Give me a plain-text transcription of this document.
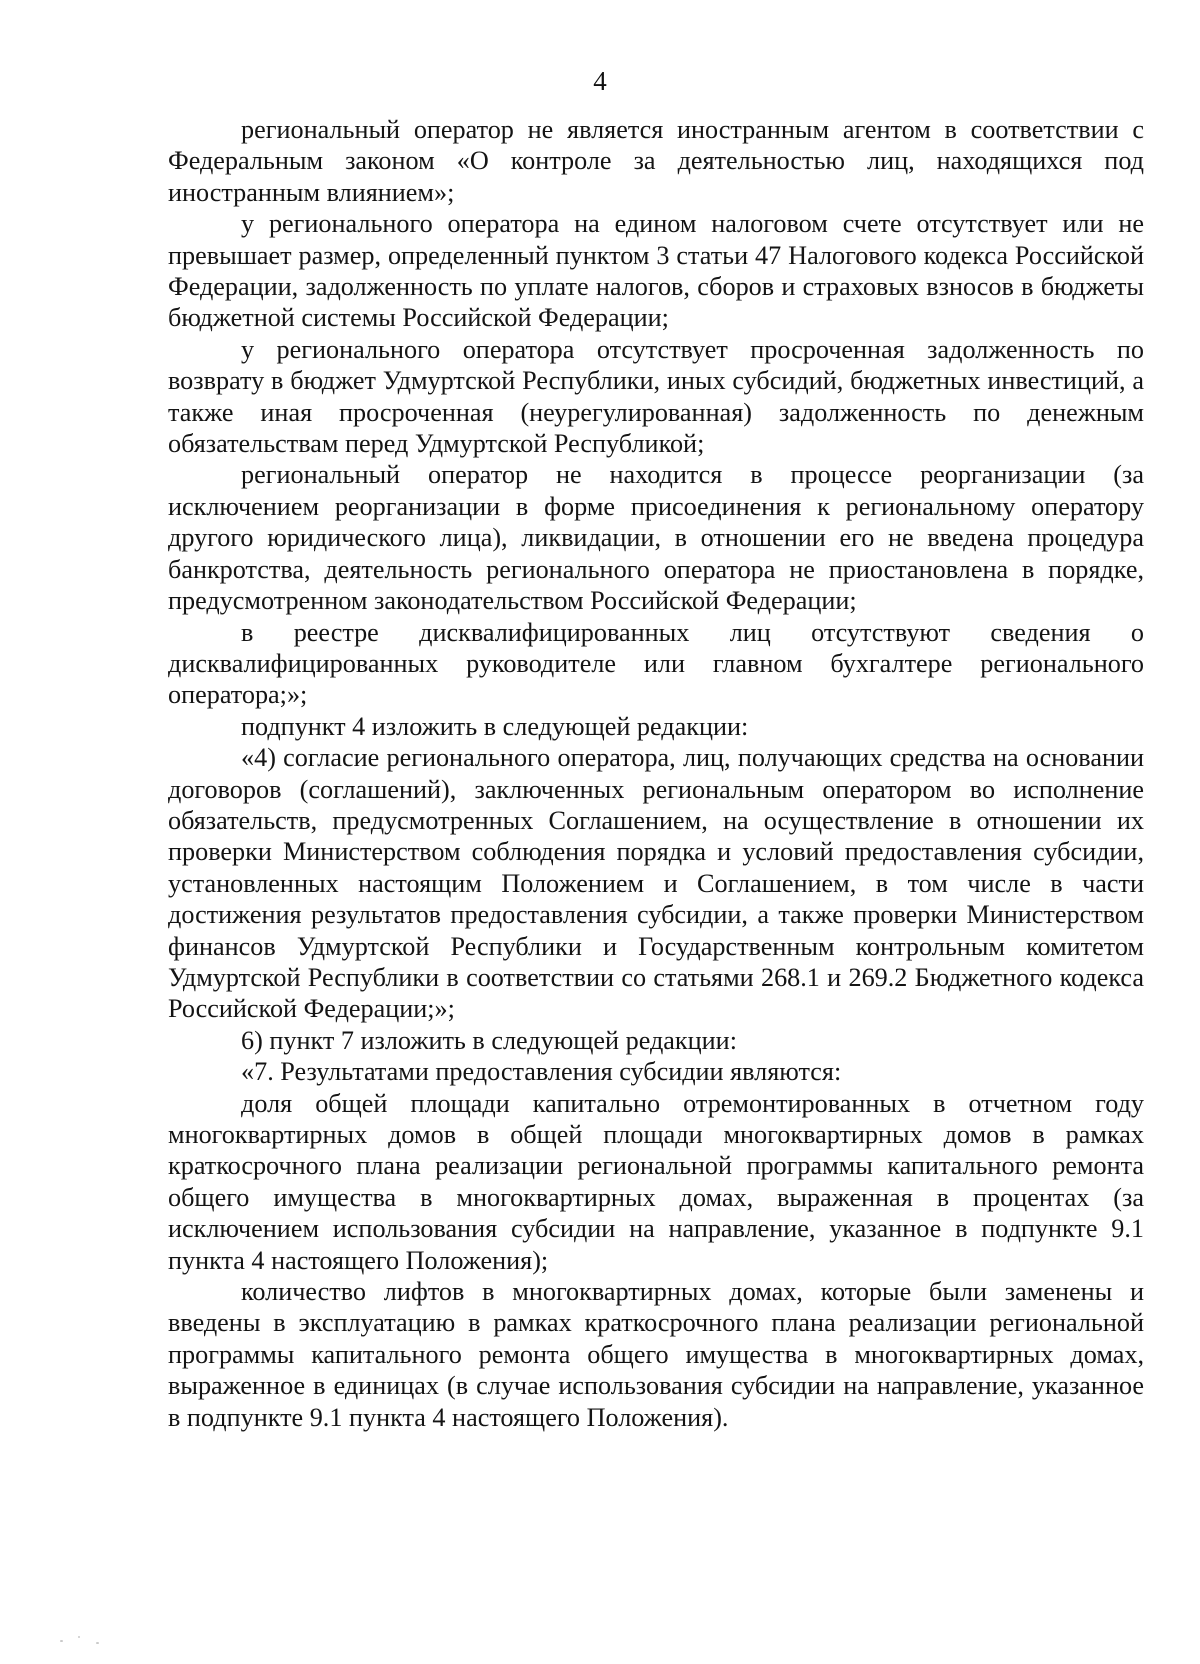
4

региональный оператор не является иностранным агентом в соответствии с Федеральным законом «О контроле за деятельностью лиц, находящихся под иностранным влиянием»;

у регионального оператора на едином налоговом счете отсутствует или не превышает размер, определенный пунктом 3 статьи 47 Налогового кодекса Российской Федерации, задолженность по уплате налогов, сборов и страховых взносов в бюджеты бюджетной системы Российской Федерации;

у регионального оператора отсутствует просроченная задолженность по возврату в бюджет Удмуртской Республики, иных субсидий, бюджетных инвестиций, а также иная просроченная (неурегулированная) задолженность по денежным обязательствам перед Удмуртской Республикой;

региональный оператор не находится в процессе реорганизации (за исключением реорганизации в форме присоединения к региональному оператору другого юридического лица), ликвидации, в отношении его не введена процедура банкротства, деятельность регионального оператора не приостановлена в порядке, предусмотренном законодательством Российской Федерации;

в реестре дисквалифицированных лиц отсутствуют сведения о дисквалифицированных руководителе или главном бухгалтере регионального оператора;»;

подпункт 4 изложить в следующей редакции:

«4) согласие регионального оператора, лиц, получающих средства на основании договоров (соглашений), заключенных региональным оператором во исполнение обязательств, предусмотренных Соглашением, на осуществление в отношении их проверки Министерством соблюдения порядка и условий предоставления субсидии, установленных настоящим Положением и Соглашением, в том числе в части достижения результатов предоставления субсидии, а также проверки Министерством финансов Удмуртской Республики и Государственным контрольным комитетом Удмуртской Республики в соответствии со статьями 268.1 и 269.2 Бюджетного кодекса Российской Федерации;»;

6) пункт 7 изложить в следующей редакции:

«7. Результатами предоставления субсидии являются:

доля общей площади капитально отремонтированных в отчетном году многоквартирных домов в общей площади многоквартирных домов в рамках краткосрочного плана реализации региональной программы капитального ремонта общего имущества в многоквартирных домах, выраженная в процентах (за исключением использования субсидии на направление, указанное в подпункте 9.1 пункта 4 настоящего Положения);

количество лифтов в многоквартирных домах, которые были заменены и введены в эксплуатацию в рамках краткосрочного плана реализации региональной программы капитального ремонта общего имущества в многоквартирных домах, выраженное в единицах (в случае использования субсидии на направление, указанное в подпункте 9.1 пункта 4 настоящего Положения).
